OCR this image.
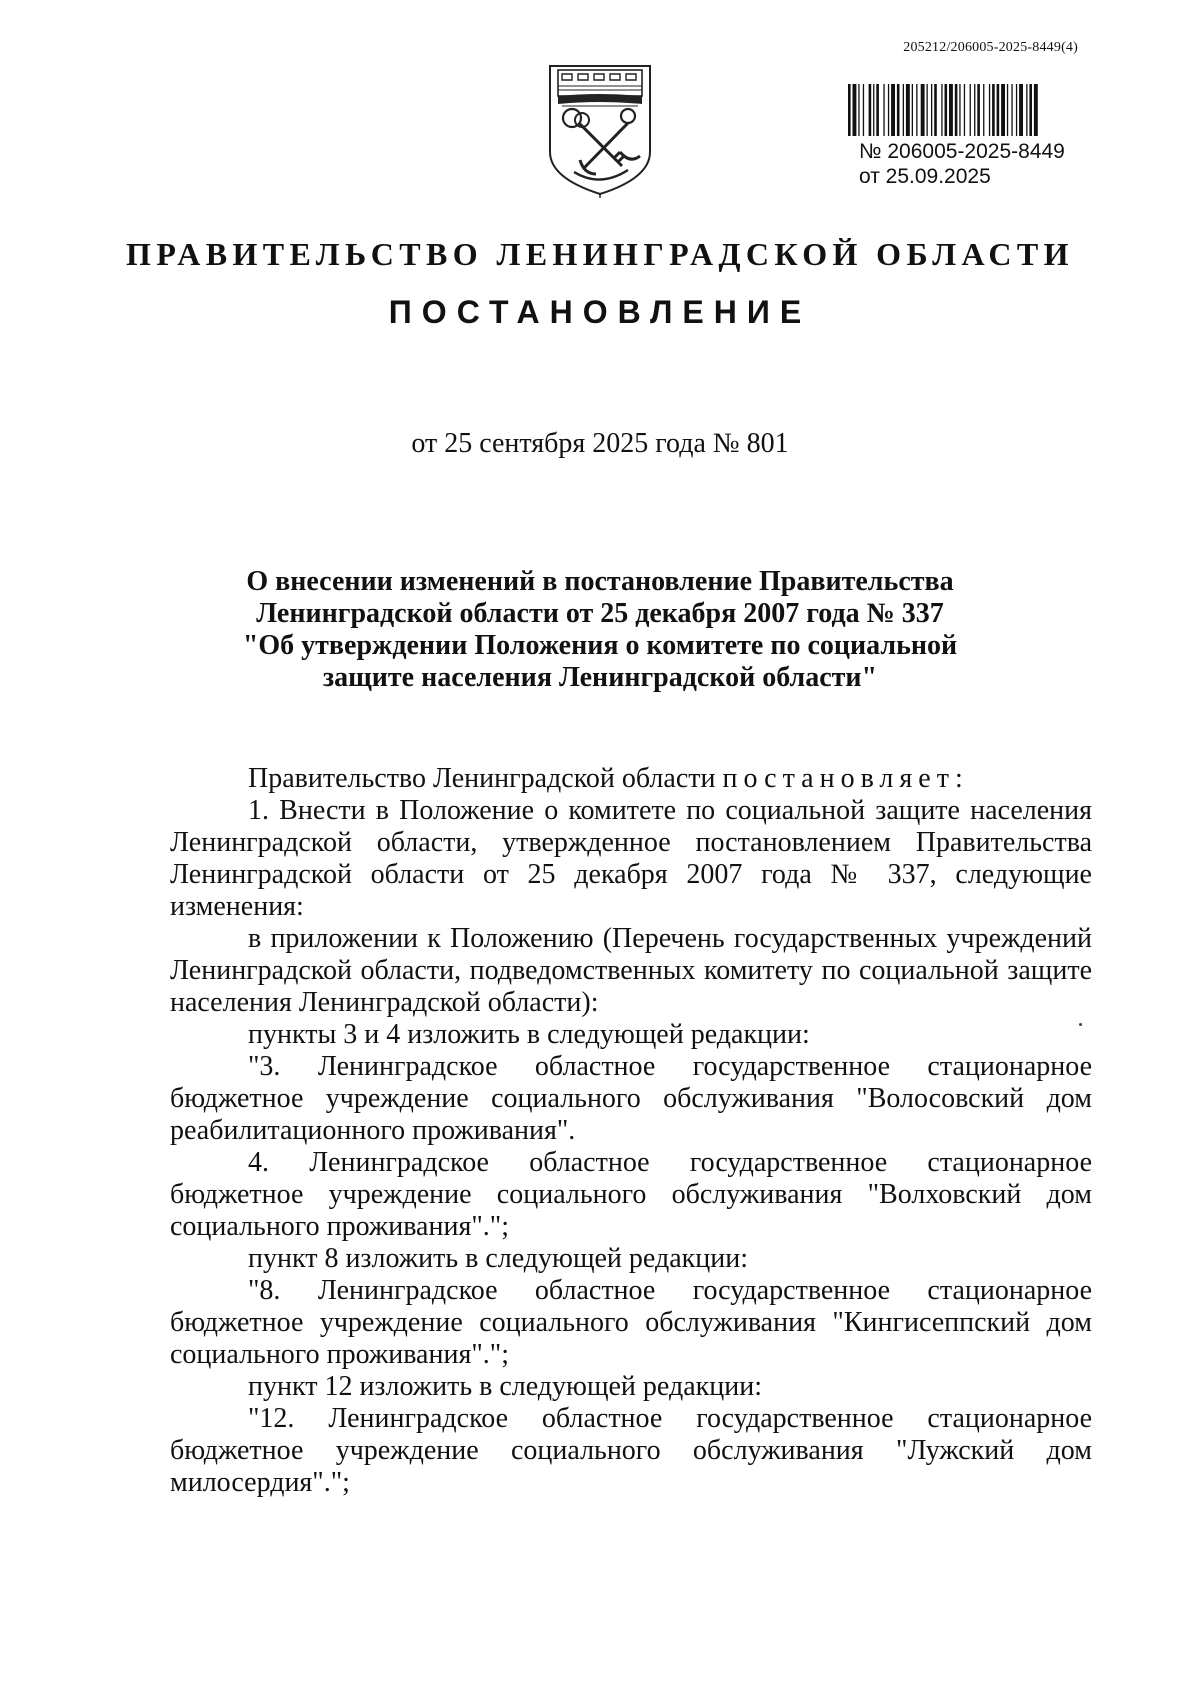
205212/206005-2025-8449(4)
№ 206005-2025-8449
от 25.09.2025
ПРАВИТЕЛЬСТВО ЛЕНИНГРАДСКОЙ ОБЛАСТИ
ПОСТАНОВЛЕНИЕ
от 25 сентября 2025 года № 801
О внесении изменений в постановление Правительства
Ленинградской области от 25 декабря 2007 года № 337
"Об утверждении Положения о комитете по социальной
защите населения Ленинградской области"

Правительство Ленинградской области постановляет:

1. Внести в Положение о комитете по социальной защите населения Ленинградской области, утвержденное постановлением Правительства Ленинградской области от 25 декабря 2007 года № 337, следующие изменения:

в приложении к Положению (Перечень государственных учреждений Ленинградской области, подведомственных комитету по социальной защите населения Ленинградской области):

пункты 3 и 4 изложить в следующей редакции:

"3. Ленинградское областное государственное стационарное бюджетное учреждение социального обслуживания "Волосовский дом реабилитационного проживания".

4. Ленинградское областное государственное стационарное бюджетное учреждение социального обслуживания "Волховский дом социального проживания".";

пункт 8 изложить в следующей редакции:

"8. Ленинградское областное государственное стационарное бюджетное учреждение социального обслуживания "Кингисеппский дом социального проживания".";

пункт 12 изложить в следующей редакции:

"12. Ленинградское областное государственное стационарное бюджетное учреждение социального обслуживания "Лужский дом милосердия".";
